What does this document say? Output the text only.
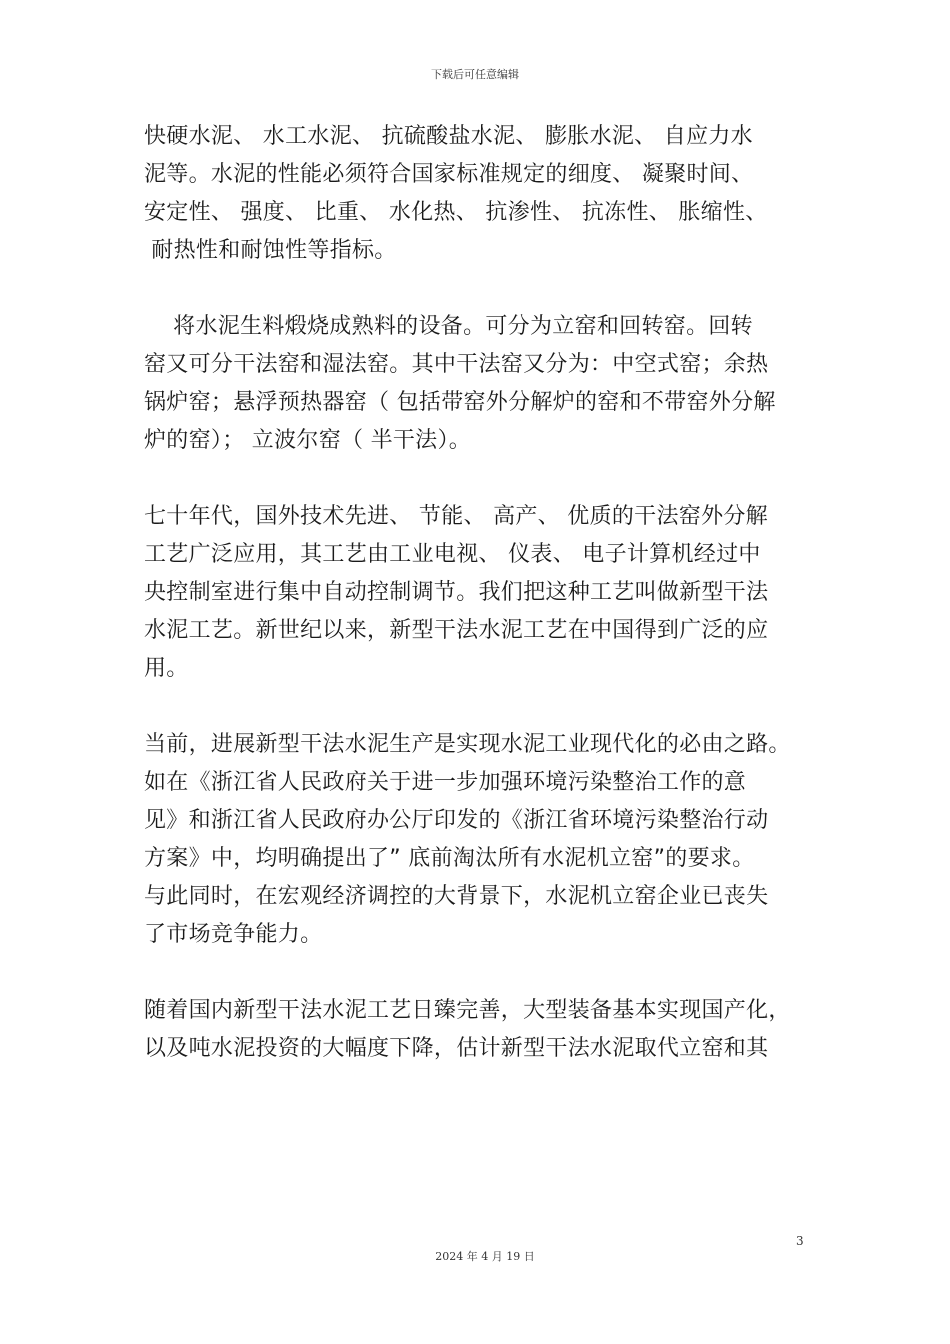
下载后可任意编辑
快硬水泥、 水工水泥、 抗硫酸盐水泥、 膨胀水泥、 自应力水
泥等。水泥的性能必须符合国家标准规定的细度、 凝聚时间、
安定性、 强度、 比重、 水化热、 抗渗性、 抗冻性、 胀缩性、
耐热性和耐蚀性等指标。
将水泥生料煅烧成熟料的设备。可分为立窑和回转窑。回转
窑又可分干法窑和湿法窑。其中干法窑又分为：中空式窑；余热
锅炉窑；悬浮预热器窑（ 包括带窑外分解炉的窑和不带窑外分解
炉的窑）； 立波尔窑（ 半干法）。
七十年代，国外技术先进、 节能、 高产、 优质的干法窑外分解
工艺广泛应用，其工艺由工业电视、 仪表、 电子计算机经过中
央控制室进行集中自动控制调节。我们把这种工艺叫做新型干法
水泥工艺。新世纪以来，新型干法水泥工艺在中国得到广泛的应
用。
当前，进展新型干法水泥生产是实现水泥工业现代化的必由之路。
如在《浙江省人民政府关于进一步加强环境污染整治工作的意
见》和浙江省人民政府办公厅印发的《浙江省环境污染整治行动
方案》中，均明确提出了” 底前淘汰所有水泥机立窑”的要求。
与此同时，在宏观经济调控的大背景下，水泥机立窑企业已丧失
了市场竞争能力。
随着国内新型干法水泥工艺日臻完善，大型装备基本实现国产化，
以及吨水泥投资的大幅度下降，估计新型干法水泥取代立窑和其
3
2024 年 4 月 19 日
